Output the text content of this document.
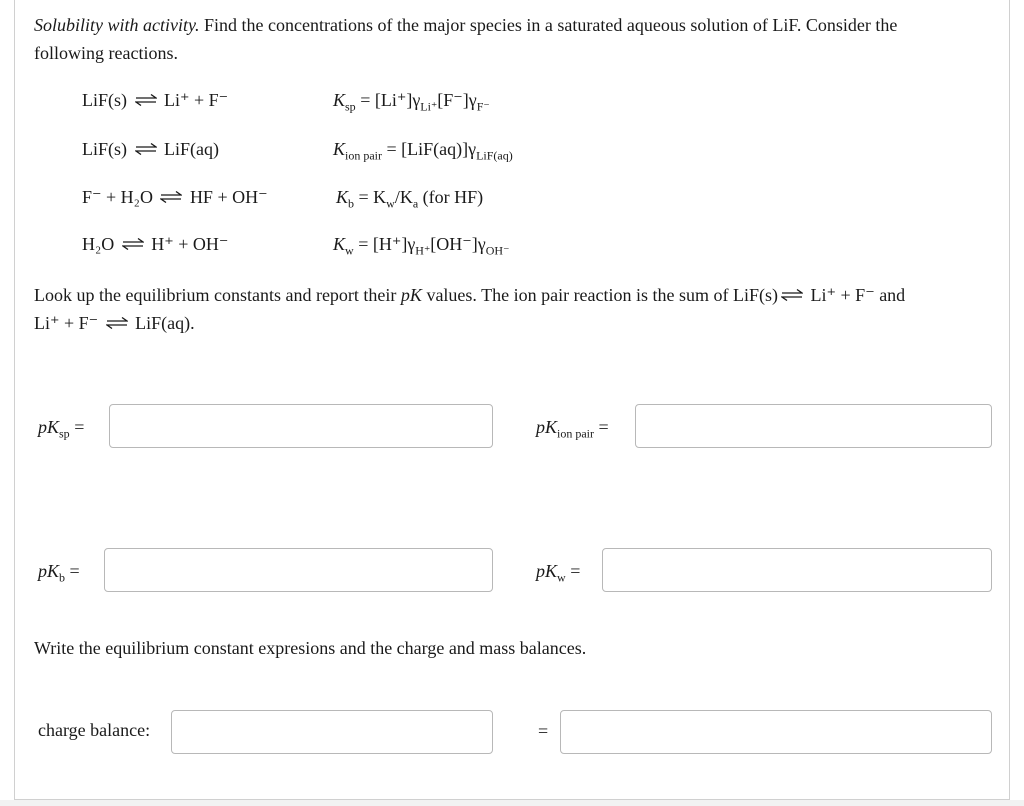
Solubility with activity. Find the concentrations of the major species in a saturated aqueous solution of LiF. Consider the
following reactions.
LiF(s) ⇌ Li⁺ + F⁻	$K_{sp} = [Li^+]\gamma_{Li^+}[F^-]\gamma_{F^-}$
LiF(s) ⇌ LiF(aq)	$K_{ion pair} = [LiF(aq)]\gamma_{LiF(aq)}$
F⁻ + H₂O ⇌ HF + OH⁻	$K_b = K_w/K_a$ (for HF)
H₂O ⇌ H⁺ + OH⁻	$K_w = [H^+]\gamma_{H^+}[OH^-]\gamma_{OH^-}$
Look up the equilibrium constants and report their pK values. The ion pair reaction is the sum of LiF(s) ⇌ Li⁺ + F⁻ and
Li⁺ + F⁻ ⇌ LiF(aq).
$pK_{sp}$ =	$pK_{ion pair}$ =
$pK_b$ =	$pK_w$ =
Write the equilibrium constant expresions and the charge and mass balances.
charge balance:	=
